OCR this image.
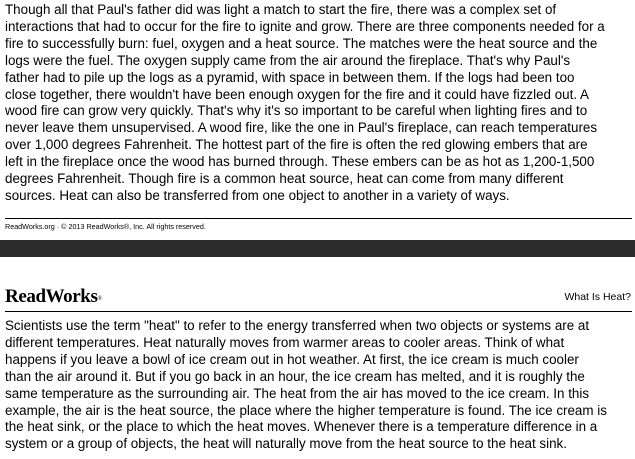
Though all that Paul's father did was light a match to start the fire, there was a complex set of
interactions that had to occur for the fire to ignite and grow. There are three components needed for a
fire to successfully burn: fuel, oxygen and a heat source. The matches were the heat source and the
logs were the fuel. The oxygen supply came from the air around the fireplace. That's why Paul's
father had to pile up the logs as a pyramid, with space in between them. If the logs had been too
close together, there wouldn't have been enough oxygen for the fire and it could have fizzled out. A
wood fire can grow very quickly. That's why it's so important to be careful when lighting fires and to
never leave them unsupervised. A wood fire, like the one in Paul's fireplace, can reach temperatures
over 1,000 degrees Fahrenheit. The hottest part of the fire is often the red glowing embers that are
left in the fireplace once the wood has burned through. These embers can be as hot as 1,200-1,500
degrees Fahrenheit. Though fire is a common heat source, heat can come from many different
sources. Heat can also be transferred from one object to another in a variety of ways.

ReadWorks.org · © 2013 ReadWorks®, Inc. All rights reserved.
ReadWorks®	What Is Heat?

Scientists use the term "heat" to refer to the energy transferred when two objects or systems are at
different temperatures. Heat naturally moves from warmer areas to cooler areas. Think of what
happens if you leave a bowl of ice cream out in hot weather. At first, the ice cream is much cooler
than the air around it. But if you go back in an hour, the ice cream has melted, and it is roughly the
same temperature as the surrounding air. The heat from the air has moved to the ice cream. In this
example, the air is the heat source, the place where the higher temperature is found. The ice cream is
the heat sink, or the place to which the heat moves. Whenever there is a temperature difference in a
system or a group of objects, the heat will naturally move from the heat source to the heat sink.
